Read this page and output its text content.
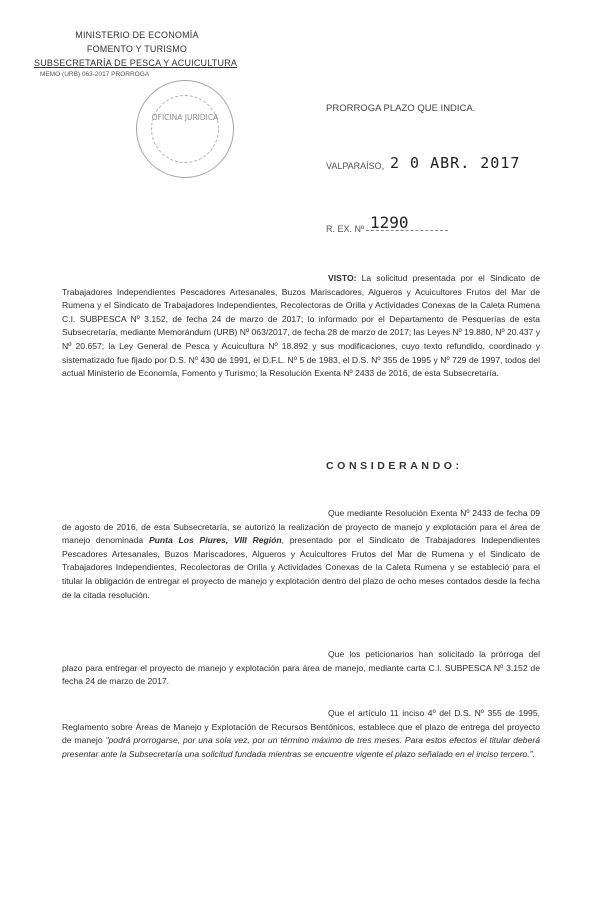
MINISTERIO DE ECONOMÍA
FOMENTO Y TURISMO
SUBSECRETARÍA DE PESCA Y ACUICULTURA
MEMO (URB) 063-2017 PRORROGA
OFICINA JURIDICA
PRORROGA PLAZO QUE INDICA.
VALPARAÍSO, 2 0 ABR. 2017
R. EX. Nº 1290
VISTO: La solicitud presentada por el Sindicato de Trabajadores Independientes Pescadores Artesanales, Buzos Mariscadores, Algueros y Acuicultores Frutos del Mar de Rumena y el Sindicato de Trabajadores Independientes, Recolectoras de Orilla y Actividades Conexas de la Caleta Rumena C.I. SUBPESCA Nº 3.152, de fecha 24 de marzo de 2017; lo informado por el Departamento de Pesquerías de esta Subsecretaría, mediante Memorándum (URB) Nº 063/2017, de fecha 28 de marzo de 2017; las Leyes Nº 19.880, Nº 20.437 y Nº 20.657; la Ley General de Pesca y Acuicultura Nº 18.892 y sus modificaciones, cuyo texto refundido, coordinado y sistematizado fue fijado por D.S. Nº 430 de 1991, el D.F.L. Nº 5 de 1983, el D.S. Nº 355 de 1995 y Nº 729 de 1997, todos del actual Ministerio de Economía, Fomento y Turismo; la Resolución Exenta Nº 2433 de 2016, de esta Subsecretaría.
CONSIDERANDO:
Que mediante Resolución Exenta Nº 2433 de fecha 09 de agosto de 2016, de esta Subsecretaría, se autorizó la realización de proyecto de manejo y explotación para el área de manejo denominada Punta Los Piures, VIII Región, presentado por el Sindicato de Trabajadores Independientes Pescadores Artesanales, Buzos Mariscadores, Algueros y Acuicultores Frutos del Mar de Rumena y el Sindicato de Trabajadores Independientes, Recolectoras de Orilla y Actividades Conexas de la Caleta Rumena y se estableció para el titular la obligación de entregar el proyecto de manejo y explotación dentro del plazo de ocho meses contados desde la fecha de la citada resolución.
Que los peticionarios han solicitado la prórroga del plazo para entregar el proyecto de manejo y explotación para área de manejo, mediante carta C.I. SUBPESCA Nº 3.152 de fecha 24 de marzo de 2017.
Que el artículo 11 inciso 4º del D.S. Nº 355 de 1995, Reglamento sobre Áreas de Manejo y Explotación de Recursos Bentónicos, establece que el plazo de entrega del proyecto de manejo "podrá prorrogarse, por una sola vez, por un término máximo de tres meses. Para estos efectos el titular deberá presentar ante la Subsecretaría una solicitud fundada mientras se encuentre vigente el plazo señalado en el inciso tercero.".
